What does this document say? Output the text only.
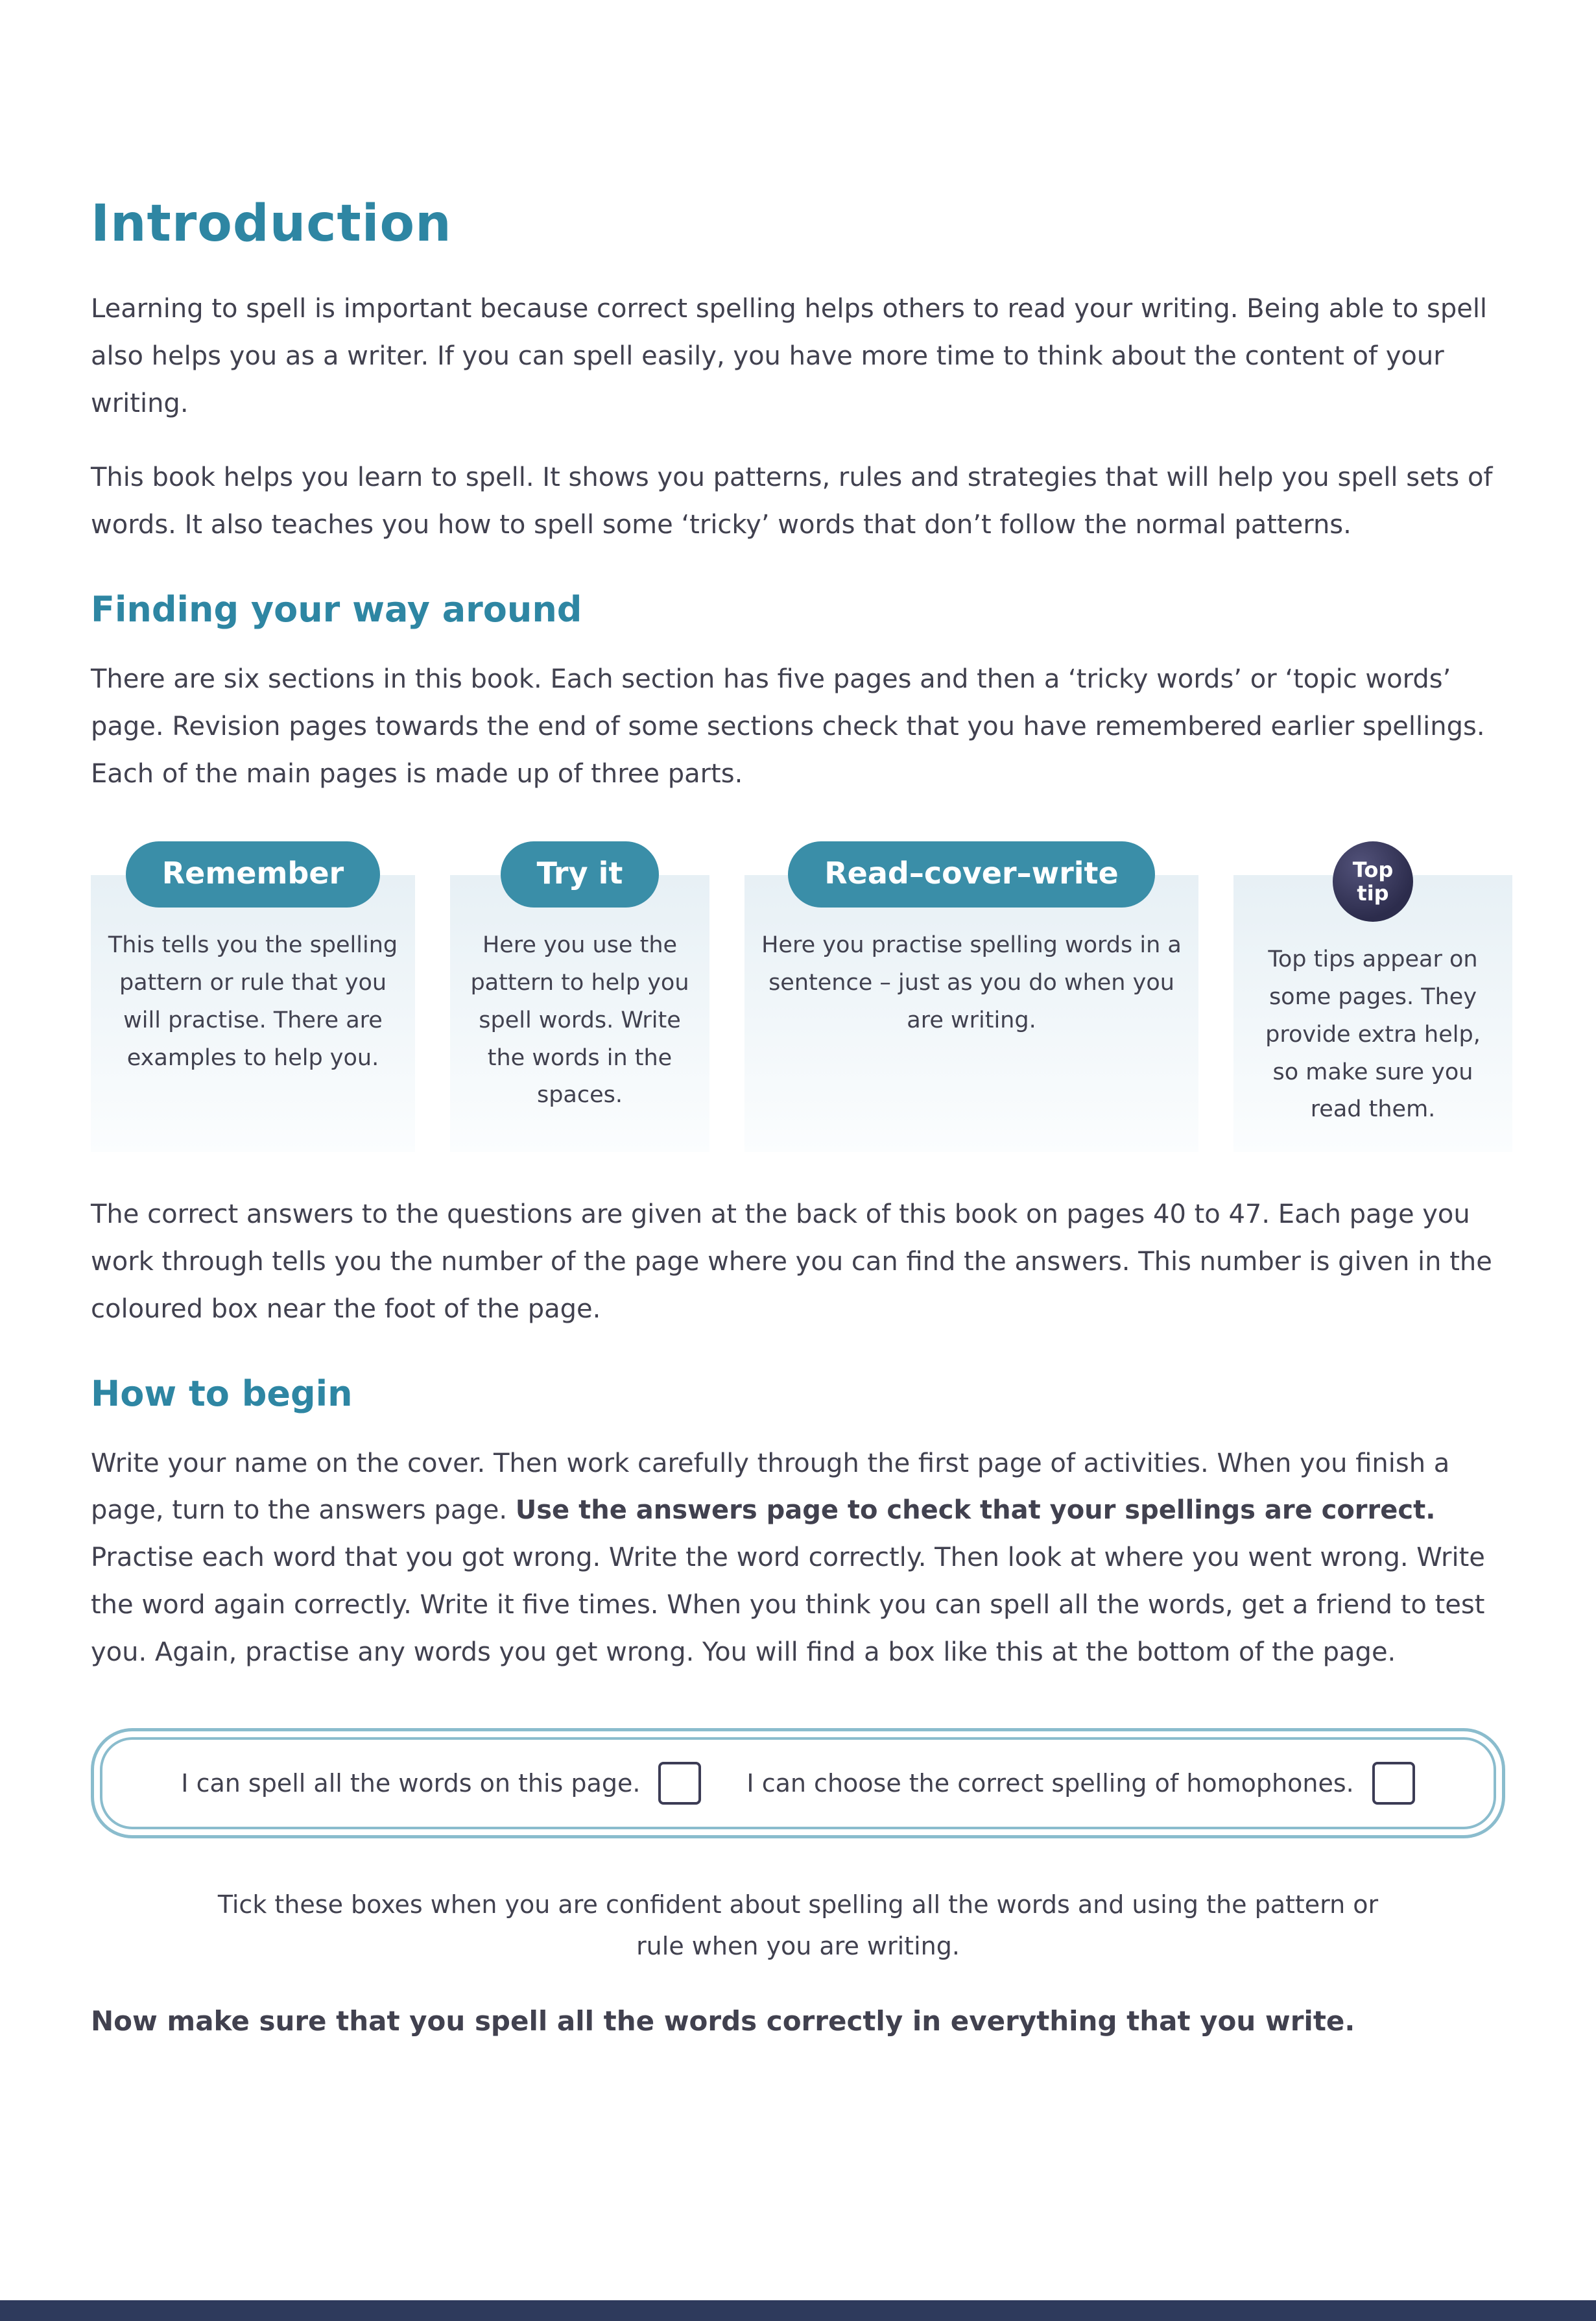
Introduction

Learning to spell is important because correct spelling helps others to read your writing. Being able to spell also helps you as a writer. If you can spell easily, you have more time to think about the content of your writing.

This book helps you learn to spell. It shows you patterns, rules and strategies that will help you spell sets of words. It also teaches you how to spell some ‘tricky’ words that don’t follow the normal patterns.

Finding your way around

There are six sections in this book. Each section has five pages and then a ‘tricky words’ or ‘topic words’ page. Revision pages towards the end of some sections check that you have remembered earlier spellings. Each of the main pages is made up of three parts.

Remember
This tells you the spelling pattern or rule that you will practise. There are examples to help you.
Try it
Here you use the pattern to help you spell words. Write the words in the spaces.
Read–cover–write
Here you practise spelling words in a sentence – just as you do when you are writing.
Top tip
Top tips appear on some pages. They provide extra help, so make sure you read them.

The correct answers to the questions are given at the back of this book on pages 40 to 47. Each page you work through tells you the number of the page where you can find the answers. This number is given in the coloured box near the foot of the page.

How to begin

Write your name on the cover. Then work carefully through the first page of activities. When you finish a page, turn to the answers page. Use the answers page to check that your spellings are correct. Practise each word that you got wrong. Write the word correctly. Then look at where you went wrong. Write the word again correctly. Write it five times. When you think you can spell all the words, get a friend to test you. Again, practise any words you get wrong. You will find a box like this at the bottom of the page.

I can spell all the words on this page.	I can choose the correct spelling of homophones.

Tick these boxes when you are confident about spelling all the words and using the pattern or rule when you are writing.

Now make sure that you spell all the words correctly in everything that you write.
